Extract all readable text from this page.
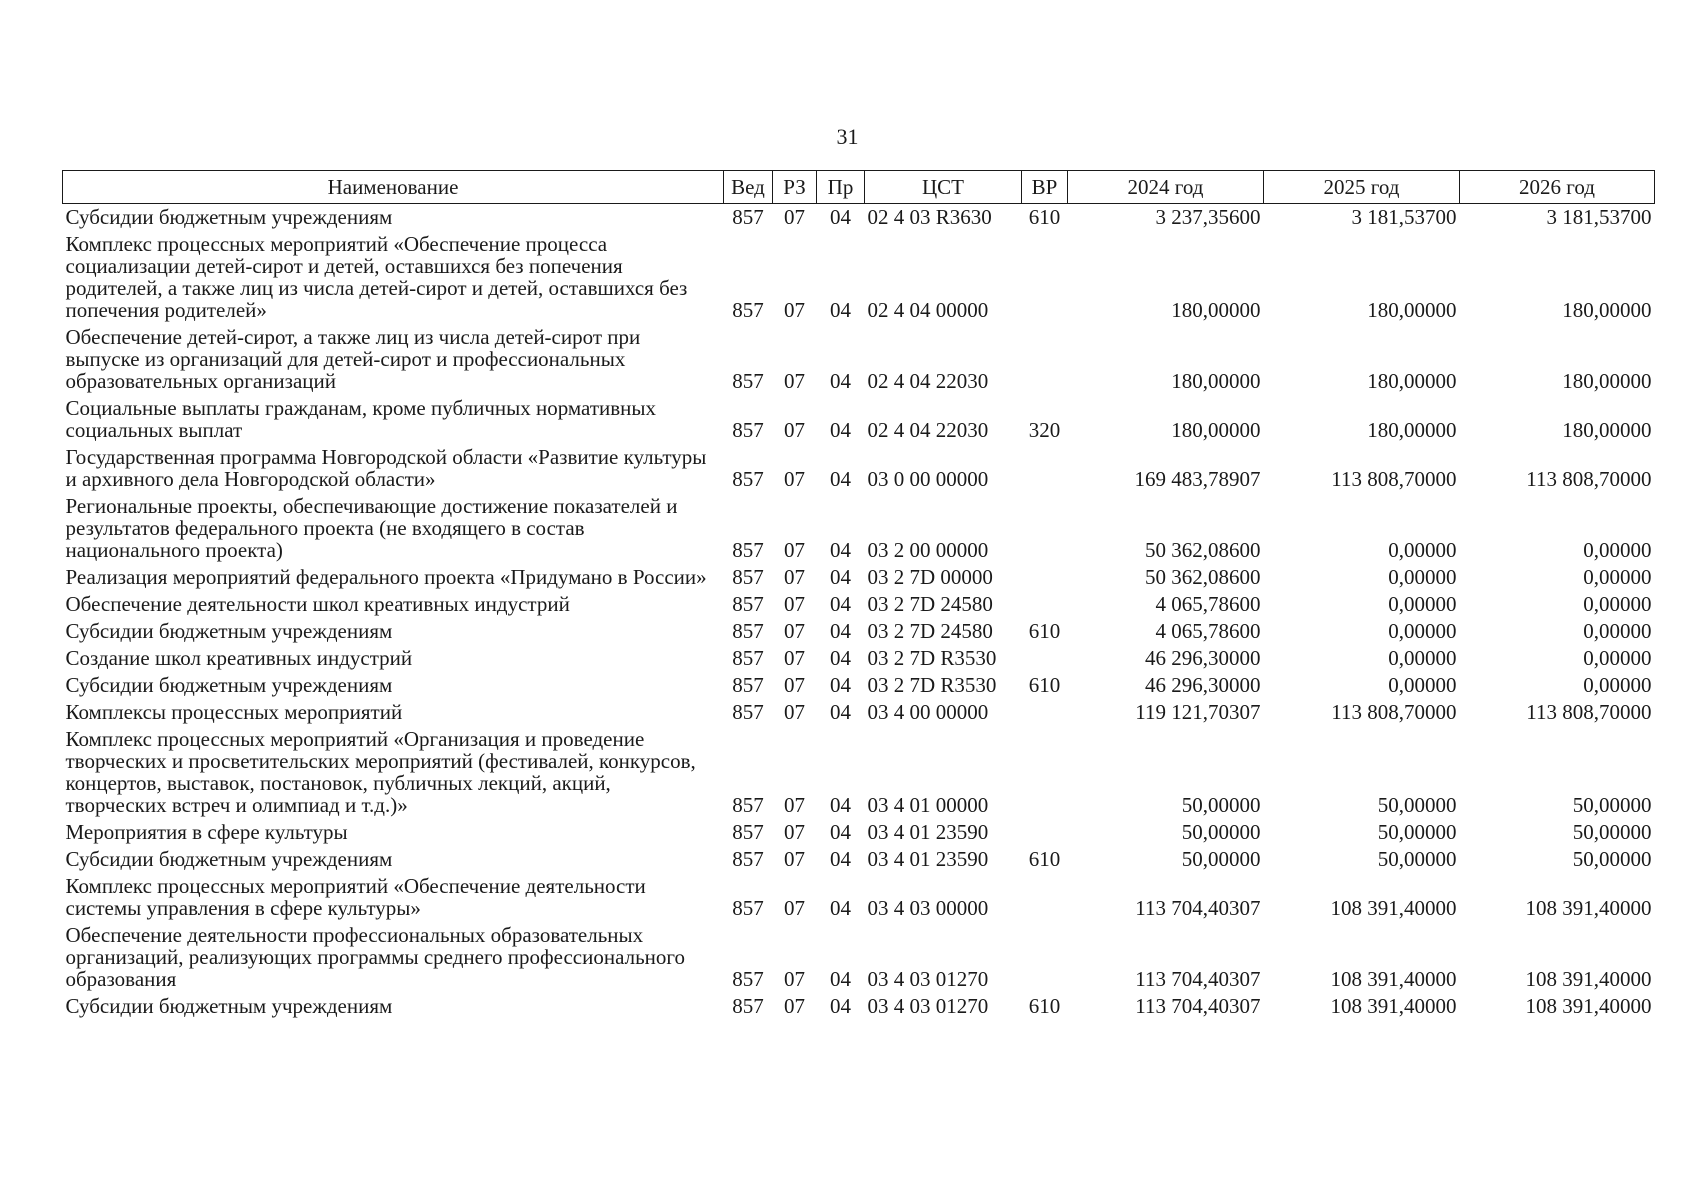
31
Наименование	Вед	РЗ	Пр	ЦСТ	ВР	2024 год	2025 год	2026 год
Субсидии бюджетным учреждениям	857	07	04	02 4 03 R3630	610	3 237,35600	3 181,53700	3 181,53700
Комплекс процессных мероприятий «Обеспечение процесса социализации детей-сирот и детей, оставшихся без попечения родителей, а также лиц из числа детей-сирот и детей, оставшихся без попечения родителей»	857	07	04	02 4 04 00000		180,00000	180,00000	180,00000
Обеспечение детей-сирот, а также лиц из числа детей-сирот при выпуске из организаций для детей-сирот и профессиональных образовательных организаций	857	07	04	02 4 04 22030		180,00000	180,00000	180,00000
Социальные выплаты гражданам, кроме публичных нормативных социальных выплат	857	07	04	02 4 04 22030	320	180,00000	180,00000	180,00000
Государственная программа Новгородской области «Развитие культуры и архивного дела Новгородской области»	857	07	04	03 0 00 00000		169 483,78907	113 808,70000	113 808,70000
Региональные проекты, обеспечивающие достижение показателей и результатов федерального проекта (не входящего в состав национального проекта)	857	07	04	03 2 00 00000		50 362,08600	0,00000	0,00000
Реализация мероприятий федерального проекта «Придумано в России»	857	07	04	03 2 7D 00000		50 362,08600	0,00000	0,00000
Обеспечение деятельности школ креативных индустрий	857	07	04	03 2 7D 24580		4 065,78600	0,00000	0,00000
Субсидии бюджетным учреждениям	857	07	04	03 2 7D 24580	610	4 065,78600	0,00000	0,00000
Создание школ креативных индустрий	857	07	04	03 2 7D R3530		46 296,30000	0,00000	0,00000
Субсидии бюджетным учреждениям	857	07	04	03 2 7D R3530	610	46 296,30000	0,00000	0,00000
Комплексы процессных мероприятий	857	07	04	03 4 00 00000		119 121,70307	113 808,70000	113 808,70000
Комплекс процессных мероприятий «Организация и проведение творческих и просветительских мероприятий (фестивалей, конкурсов, концертов, выставок, постановок, публичных лекций, акций, творческих встреч и олимпиад и т.д.)»	857	07	04	03 4 01 00000		50,00000	50,00000	50,00000
Мероприятия в сфере культуры	857	07	04	03 4 01 23590		50,00000	50,00000	50,00000
Субсидии бюджетным учреждениям	857	07	04	03 4 01 23590	610	50,00000	50,00000	50,00000
Комплекс процессных мероприятий «Обеспечение деятельности системы управления в сфере культуры»	857	07	04	03 4 03 00000		113 704,40307	108 391,40000	108 391,40000
Обеспечение деятельности профессиональных образовательных организаций, реализующих программы среднего профессионального образования	857	07	04	03 4 03 01270		113 704,40307	108 391,40000	108 391,40000
Субсидии бюджетным учреждениям	857	07	04	03 4 03 01270	610	113 704,40307	108 391,40000	108 391,40000
